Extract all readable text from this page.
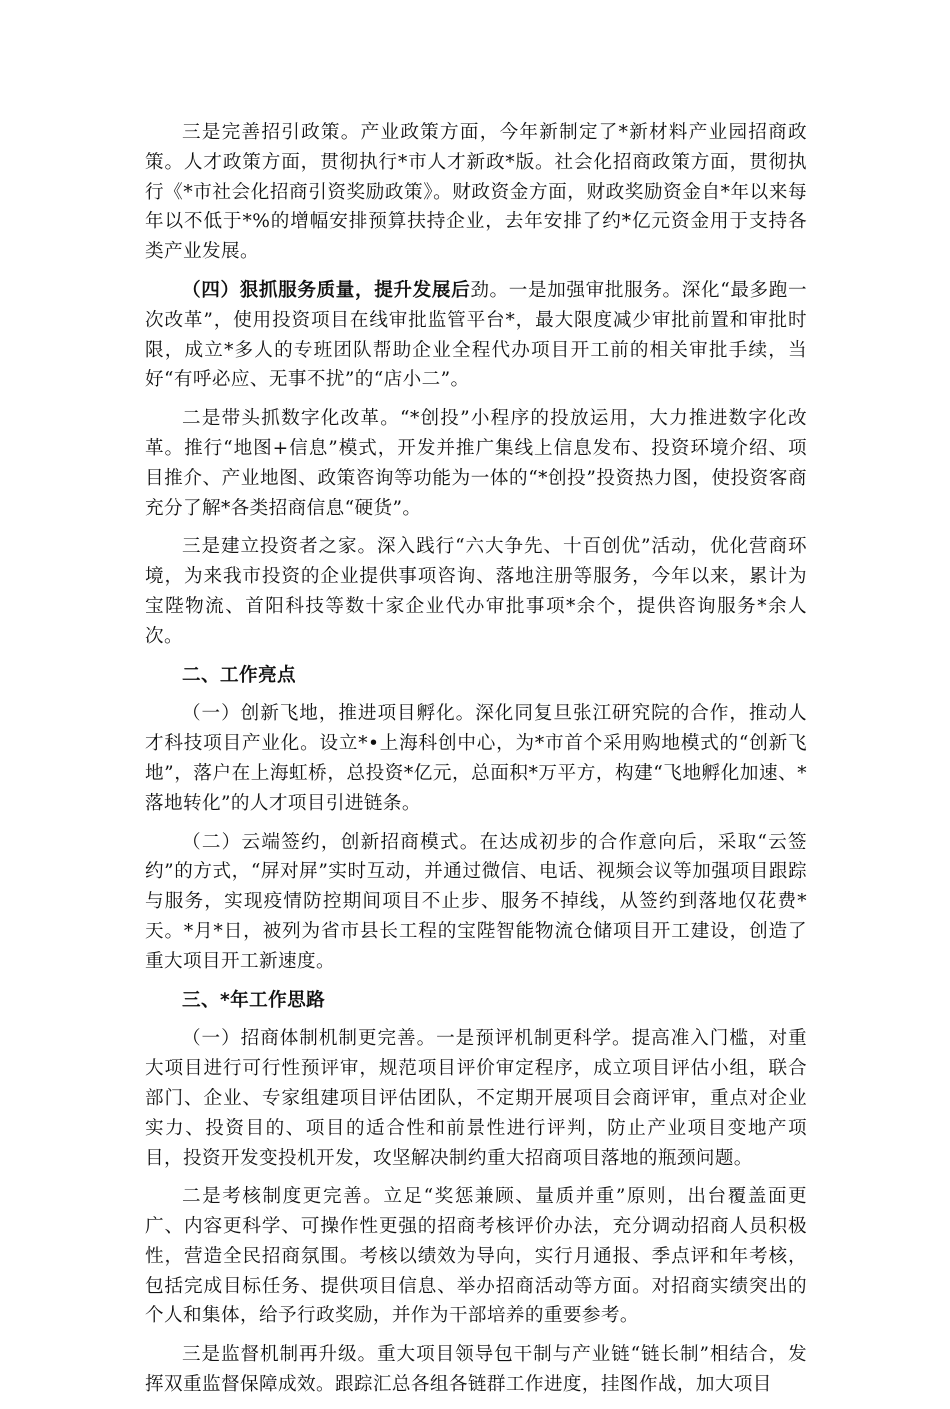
三是完善招引政策。产业政策方面，今年新制定了*新材料产业园招商政策。人才政策方面，贯彻执行*市人才新政*版。社会化招商政策方面，贯彻执行《*市社会化招商引资奖励政策》。财政资金方面，财政奖励资金自*年以来每年以不低于*%的增幅安排预算扶持企业，去年安排了约*亿元资金用于支持各类产业发展。

（四）狠抓服务质量，提升发展后劲。一是加强审批服务。深化“最多跑一次改革”，使用投资项目在线审批监管平台*，最大限度减少审批前置和审批时限，成立*多人的专班团队帮助企业全程代办项目开工前的相关审批手续，当好“有呼必应、无事不扰”的“店小二”。

二是带头抓数字化改革。“*创投”小程序的投放运用，大力推进数字化改革。推行“地图+信息”模式，开发并推广集线上信息发布、投资环境介绍、项目推介、产业地图、政策咨询等功能为一体的“*创投”投资热力图，使投资客商充分了解*各类招商信息“硬货”。

三是建立投资者之家。深入践行“六大争先、十百创优”活动，优化营商环境，为来我市投资的企业提供事项咨询、落地注册等服务，今年以来，累计为宝陛物流、首阳科技等数十家企业代办审批事项*余个，提供咨询服务*余人次。

二、工作亮点

（一）创新飞地，推进项目孵化。深化同复旦张江研究院的合作，推动人才科技项目产业化。设立*•上海科创中心，为*市首个采用购地模式的“创新飞地”，落户在上海虹桥，总投资*亿元，总面积*万平方，构建“飞地孵化加速、*落地转化”的人才项目引进链条。

（二）云端签约，创新招商模式。在达成初步的合作意向后，采取“云签约”的方式，“屏对屏”实时互动，并通过微信、电话、视频会议等加强项目跟踪与服务，实现疫情防控期间项目不止步、服务不掉线，从签约到落地仅花费*天。*月*日，被列为省市县长工程的宝陛智能物流仓储项目开工建设，创造了重大项目开工新速度。

三、*年工作思路

（一）招商体制机制更完善。一是预评机制更科学。提高准入门槛，对重大项目进行可行性预评审，规范项目评价审定程序，成立项目评估小组，联合部门、企业、专家组建项目评估团队，不定期开展项目会商评审，重点对企业实力、投资目的、项目的适合性和前景性进行评判，防止产业项目变地产项目，投资开发变投机开发，攻坚解决制约重大招商项目落地的瓶颈问题。

二是考核制度更完善。立足“奖惩兼顾、量质并重”原则，出台覆盖面更广、内容更科学、可操作性更强的招商考核评价办法，充分调动招商人员积极性，营造全民招商氛围。考核以绩效为导向，实行月通报、季点评和年考核，包括完成目标任务、提供项目信息、举办招商活动等方面。对招商实绩突出的个人和集体，给予行政奖励，并作为干部培养的重要参考。

三是监督机制再升级。重大项目领导包干制与产业链“链长制”相结合，发挥双重监督保障成效。跟踪汇总各组各链群工作进度，挂图作战，加大项目
